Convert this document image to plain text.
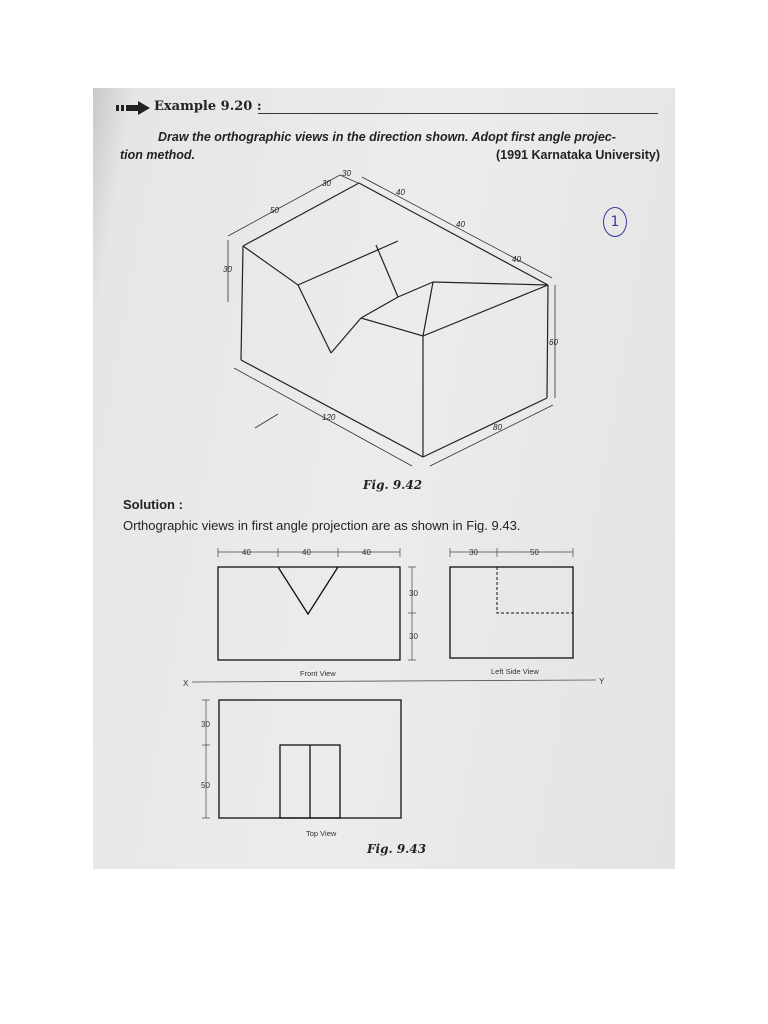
Example 9.20 :
Draw the orthographic views in the direction shown. Adopt first angle projec-
tion method.	(1991 Karnataka University)
1
50
30
30
40
40
40
30
60
120
80
Fig. 9.42
Solution :
Orthographic views in first angle projection are as shown in Fig. 9.43.
X	Y
40	40	40
30
30
Front View
30	50
Left Side View
30
50
Top View
Fig. 9.43
